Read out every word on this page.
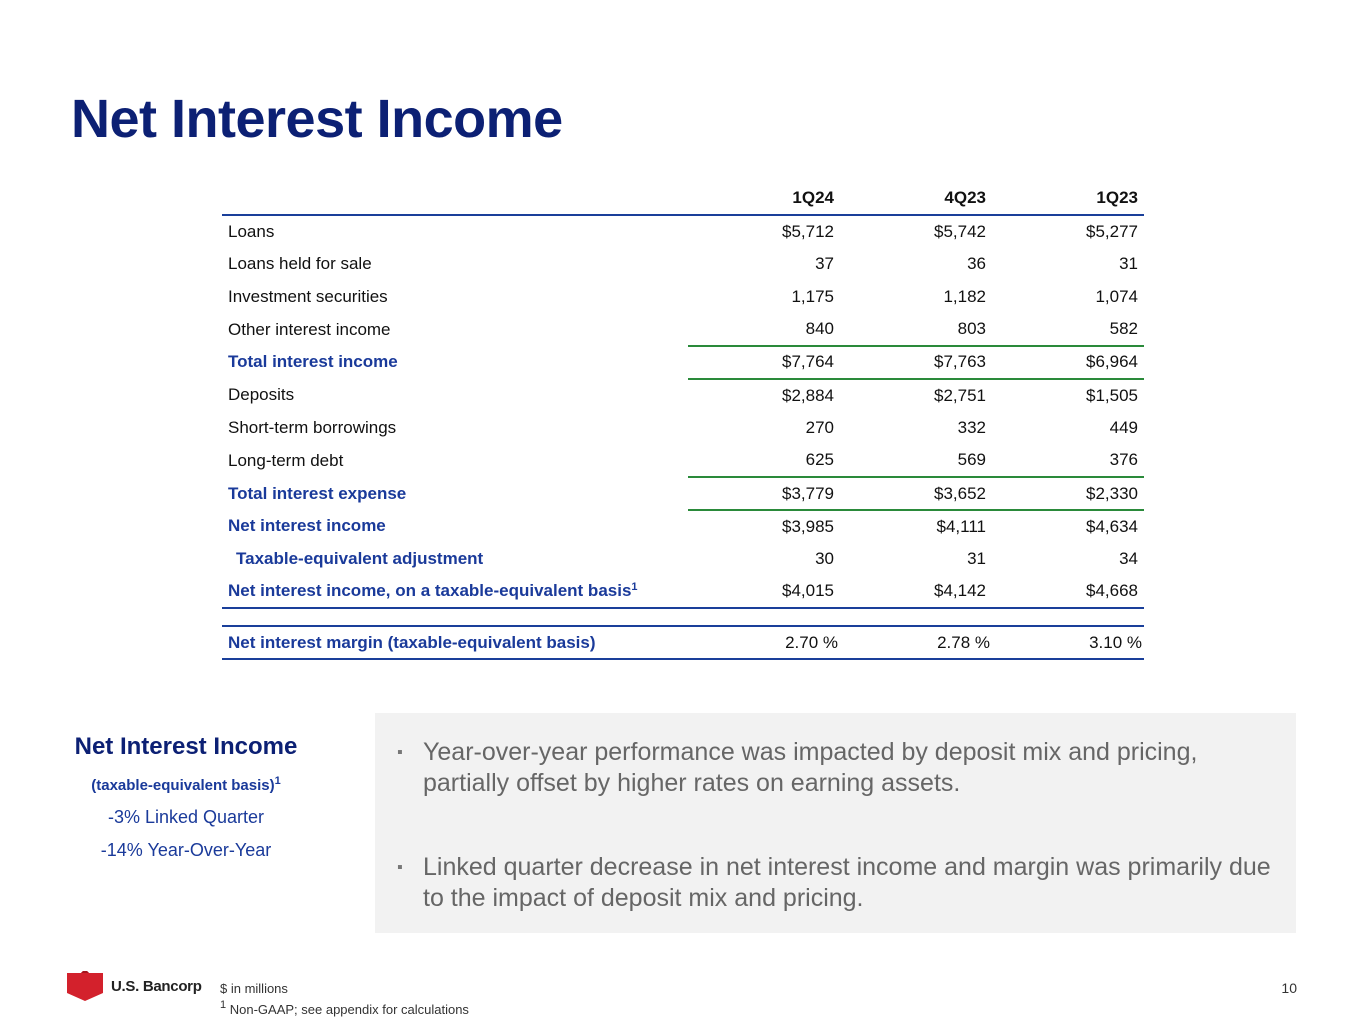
Net Interest Income
	1Q24	4Q23	1Q23
Loans	$5,712	$5,742	$5,277
Loans held for sale	37	36	31
Investment securities	1,175	1,182	1,074
Other interest income	840	803	582
Total interest income	$7,764	$7,763	$6,964
Deposits	$2,884	$2,751	$1,505
Short-term borrowings	270	332	449
Long-term debt	625	569	376
Total interest expense	$3,779	$3,652	$2,330
Net interest income	$3,985	$4,111	$4,634
Taxable-equivalent adjustment	30	31	34
Net interest income, on a taxable-equivalent basis$^1$	$4,015	$4,142	$4,668

Net interest margin (taxable-equivalent basis)	2.70 %	2.78 %	3.10 %
Net Interest Income
(taxable-equivalent basis)$^1$
-3% Linked Quarter
-14% Year-Over-Year
▪ Year-over-year performance was impacted by deposit mix and pricing, partially offset by higher rates on earning assets.
▪ Linked quarter decrease in net interest income and margin was primarily due to the impact of deposit mix and pricing.
U.S. Bancorp $ in millions
$^1$ Non-GAAP; see appendix for calculations
10
